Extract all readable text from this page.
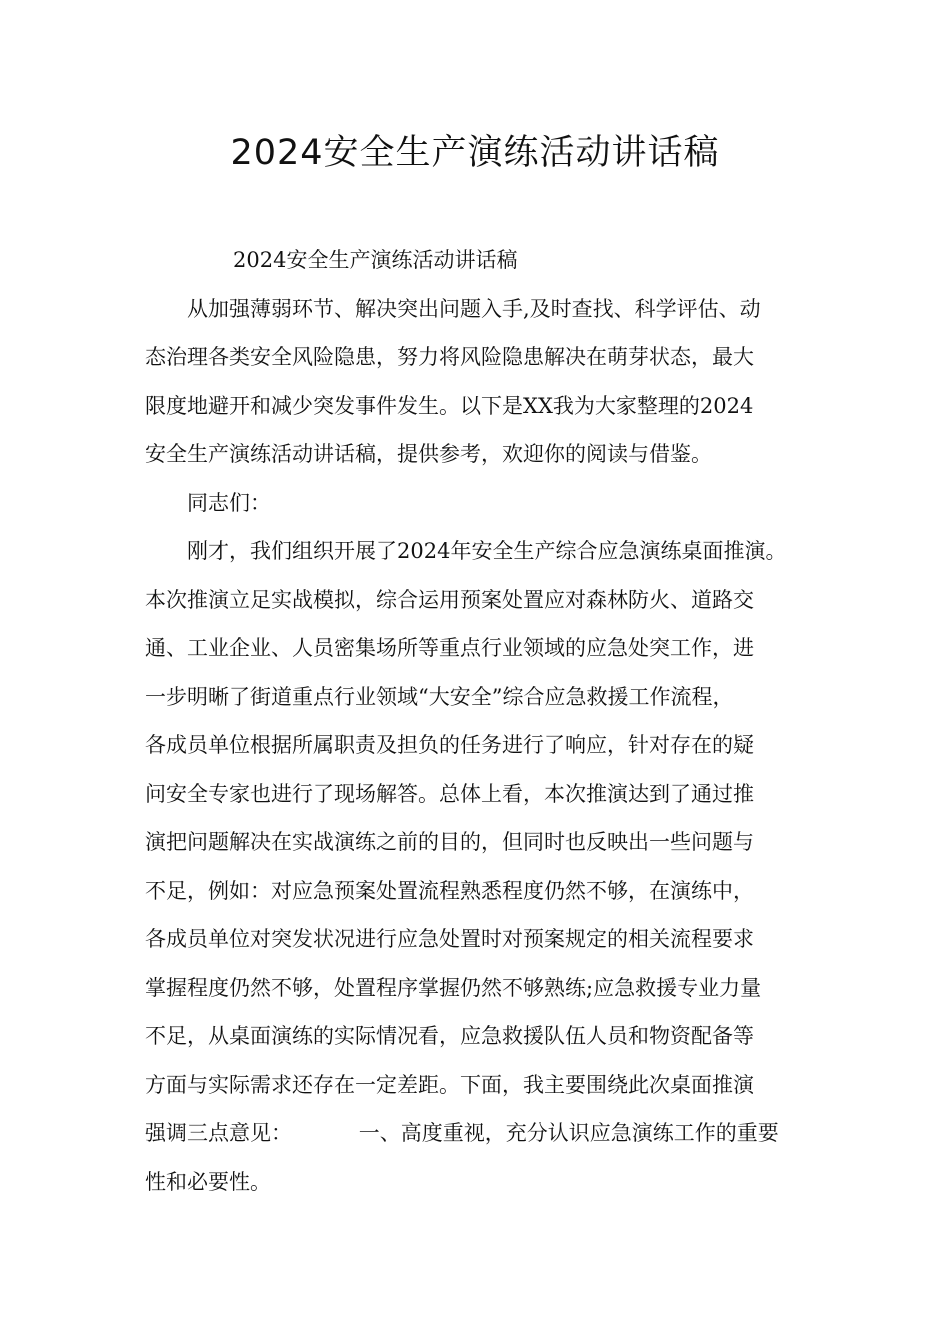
2024安全生产演练活动讲话稿
2024安全生产演练活动讲话稿
从加强薄弱环节、解决突出问题入手,及时查找、科学评估、动
态治理各类安全风险隐患，努力将风险隐患解决在萌芽状态，最大
限度地避开和减少突发事件发生。以下是XX我为大家整理的2024
安全生产演练活动讲话稿，提供参考，欢迎你的阅读与借鉴。
同志们：
刚才，我们组织开展了2024年安全生产综合应急演练桌面推演。
本次推演立足实战模拟，综合运用预案处置应对森林防火、道路交
通、工业企业、人员密集场所等重点行业领域的应急处突工作，进
一步明晰了街道重点行业领域“大安全”综合应急救援工作流程，
各成员单位根据所属职责及担负的任务进行了响应，针对存在的疑
问安全专家也进行了现场解答。总体上看，本次推演达到了通过推
演把问题解决在实战演练之前的目的，但同时也反映出一些问题与
不足，例如：对应急预案处置流程熟悉程度仍然不够，在演练中，
各成员单位对突发状况进行应急处置时对预案规定的相关流程要求
掌握程度仍然不够，处置程序掌握仍然不够熟练;应急救援专业力量
不足，从桌面演练的实际情况看，应急救援队伍人员和物资配备等
方面与实际需求还存在一定差距。下面，我主要围绕此次桌面推演
强调三点意见：          一、高度重视，充分认识应急演练工作的重要
性和必要性。
